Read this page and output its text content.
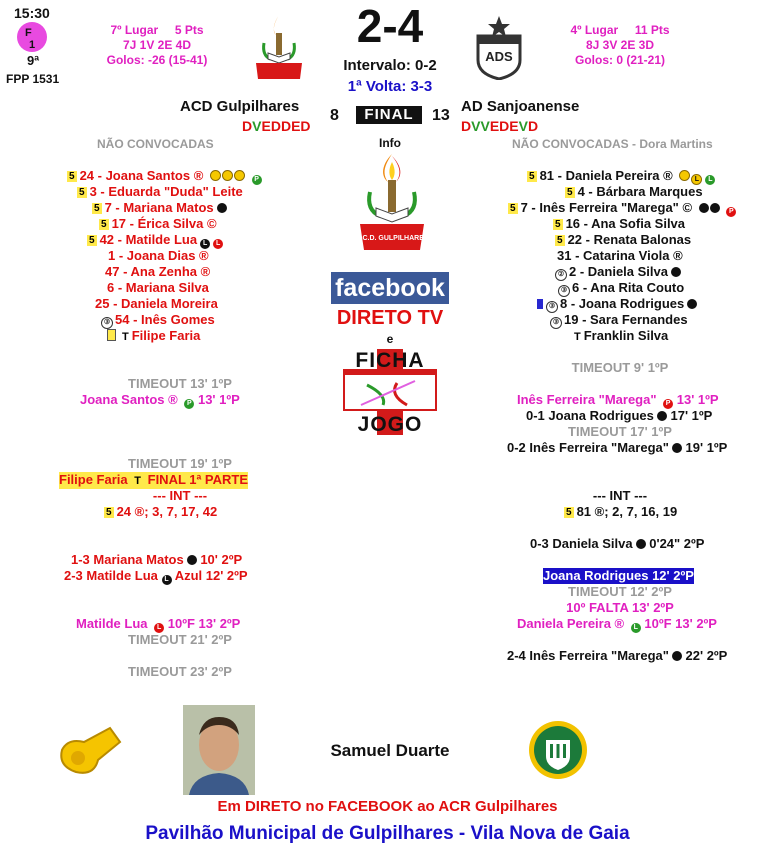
15:30
F
1
9ª
FPP 1531
7º Lugar 5 Pts
7J 1V 2E 4D
Golos: -26 (15-41)
2-4
Intervalo: 0-2
1ª Volta: 3-3
ADS
4º Lugar 11 Pts
8J 3V 2E 3D
Golos: 0 (21-21)
ACD Gulpilhares
8	FINAL	13
AD Sanjoanense
DVEDDED	DVVEDEVD
Info
NÃO CONVOCADAS	NÃO CONVOCADAS - Dora Martins
5 24 - Joana Santos ®	P
5 3 - Eduarda "Duda" Leite
5 7 - Mariana Matos
5 17 - Érica Silva ©
5 42 - Matilde Lua L L
1 - Joana Dias ®
47 - Ana Zenha ®
6 - Mariana Silva
25 - Daniela Moreira
③ 54 - Inês Gomes
T Filipe Faria
5 81 - Daniela Pereira ®	L L
5 4 - Bárbara Marques
5 7 - Inês Ferreira "Marega" ©	P
5 16 - Ana Sofia Silva
5 22 - Renata Balonas
31 - Catarina Viola ®
② 2 - Daniela Silva
③ 6 - Ana Rita Couto
③ 8 - Joana Rodrigues
③ 19 - Sara Fernandes
T Franklin Silva
A.C.D. GULPILHARES
facebook
DIRETO TV
e
FICHA
JOGO
TIMEOUT 13' 1ºP
Joana Santos ® P 13' 1ºP
TIMEOUT 19' 1ºP
Filipe Faria T FINAL 1ª PARTE
--- INT ---
5 24 ®; 3, 7, 17, 42
1-3 Mariana Matos 10' 2ºP
2-3 Matilde Lua L Azul 12' 2ºP
Matilde Lua L 10ºF 13' 2ºP
TIMEOUT 21' 2ºP
TIMEOUT 23' 2ºP
TIMEOUT 9' 1ºP
Inês Ferreira "Marega" P 13' 1ºP
0-1 Joana Rodrigues 17' 1ºP
TIMEOUT 17' 1ºP
0-2 Inês Ferreira "Marega" 19' 1ºP
--- INT ---
5 81 ®; 2, 7, 16, 19
0-3 Daniela Silva 0'24" 2ºP
Joana Rodrigues 12' 2ºP
TIMEOUT 12' 2ºP
10º FALTA 13' 2ºP
Daniela Pereira ® L 10ºF 13' 2ºP
2-4 Inês Ferreira "Marega" 22' 2ºP
Samuel Duarte
Em DIRETO no FACEBOOK ao ACR Gulpilhares
Pavilhão Municipal de Gulpilhares - Vila Nova de Gaia
